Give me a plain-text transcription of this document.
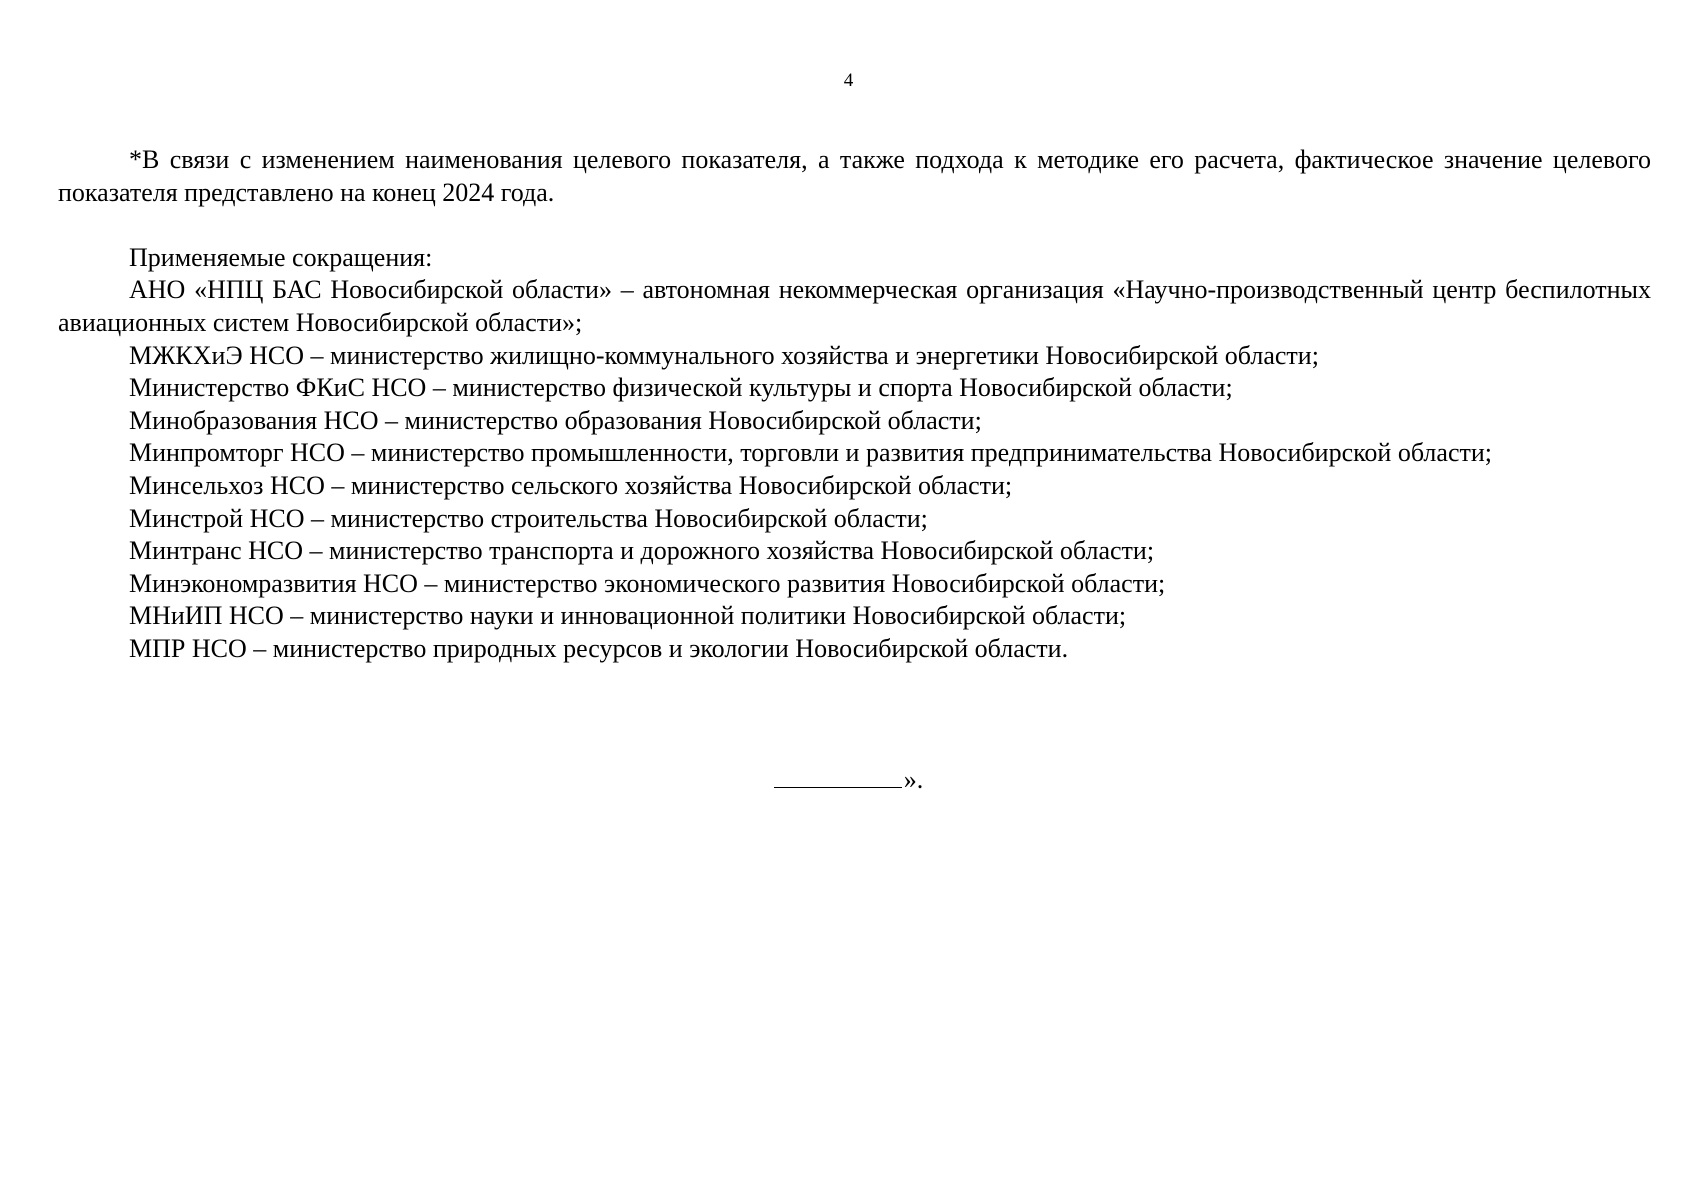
4

*В связи с изменением наименования целевого показателя, а также подхода к методике его расчета, фактическое значение целевого показателя представлено на конец 2024 года.

Применяемые сокращения:

АНО «НПЦ БАС Новосибирской области» – автономная некоммерческая организация «Научно-производственный центр беспилотных авиационных систем Новосибирской области»;

МЖКХиЭ НСО – министерство жилищно-коммунального хозяйства и энергетики Новосибирской области;

Министерство ФКиС НСО – министерство физической культуры и спорта Новосибирской области;

Минобразования НСО – министерство образования Новосибирской области;

Минпромторг НСО – министерство промышленности, торговли и развития предпринимательства Новосибирской области;

Минсельхоз НСО – министерство сельского хозяйства Новосибирской области;

Минстрой НСО – министерство строительства Новосибирской области;

Минтранс НСО – министерство транспорта и дорожного хозяйства Новосибирской области;

Минэкономразвития НСО – министерство экономического развития Новосибирской области;

МНиИП НСО – министерство науки и инновационной политики Новосибирской области;

МПР НСО – министерство природных ресурсов и экологии Новосибирской области.

».
